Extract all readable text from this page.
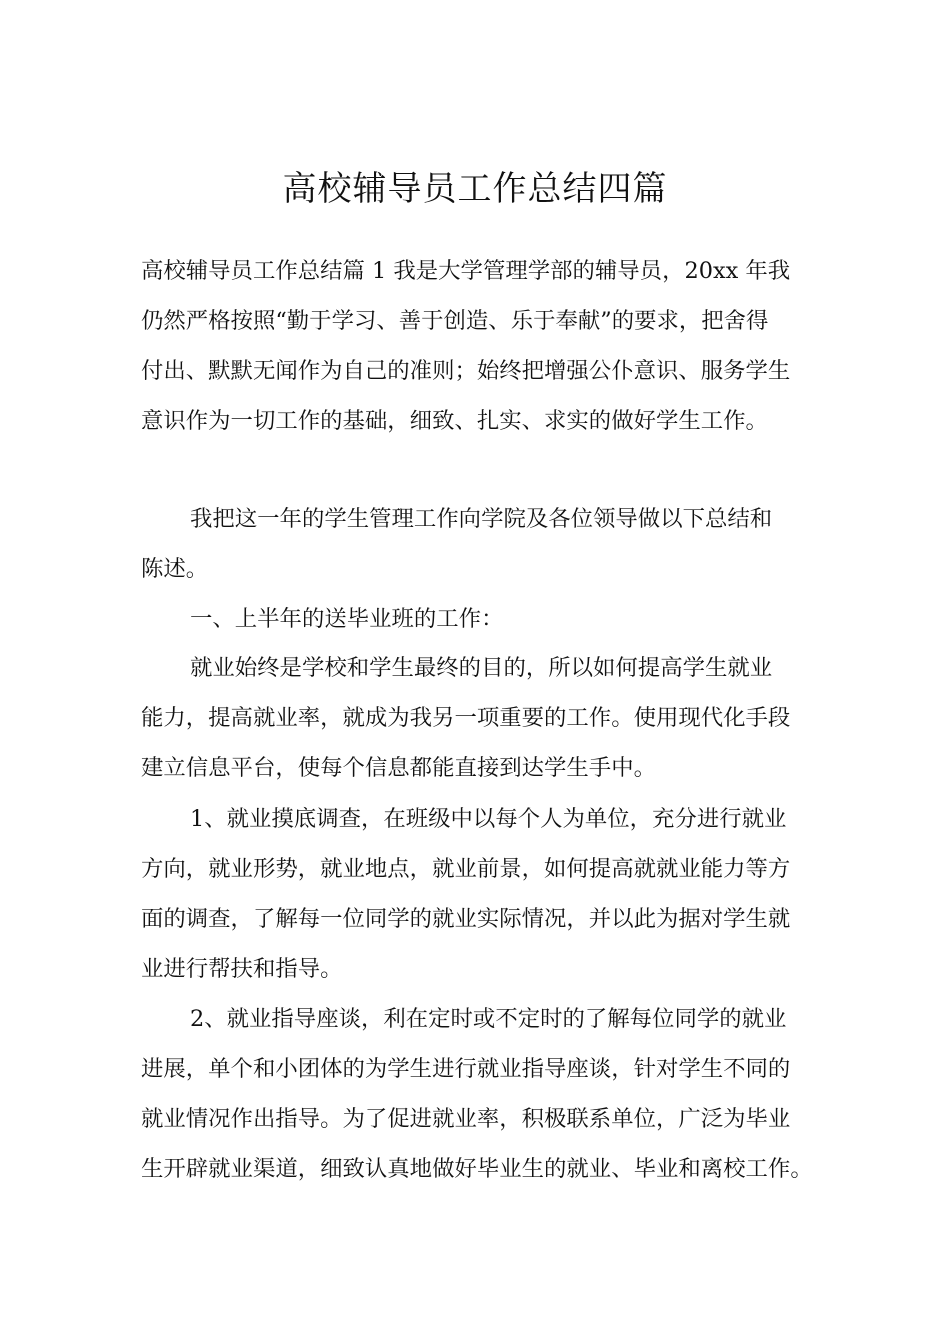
高校辅导员工作总结四篇

高校辅导员工作总结篇 1 我是大学管理学部的辅导员，20xx 年我

仍然严格按照“勤于学习、善于创造、乐于奉献”的要求，把舍得

付出、默默无闻作为自己的准则；始终把增强公仆意识、服务学生

意识作为一切工作的基础，细致、扎实、求实的做好学生工作。

我把这一年的学生管理工作向学院及各位领导做以下总结和

陈述。

一、上半年的送毕业班的工作：

就业始终是学校和学生最终的目的，所以如何提高学生就业

能力，提高就业率，就成为我另一项重要的工作。使用现代化手段

建立信息平台，使每个信息都能直接到达学生手中。

1、就业摸底调查，在班级中以每个人为单位，充分进行就业

方向，就业形势，就业地点，就业前景，如何提高就就业能力等方

面的调查，了解每一位同学的就业实际情况，并以此为据对学生就

业进行帮扶和指导。

2、就业指导座谈，利在定时或不定时的了解每位同学的就业

进展，单个和小团体的为学生进行就业指导座谈，针对学生不同的

就业情况作出指导。为了促进就业率，积极联系单位，广泛为毕业

生开辟就业渠道，细致认真地做好毕业生的就业、毕业和离校工作。
